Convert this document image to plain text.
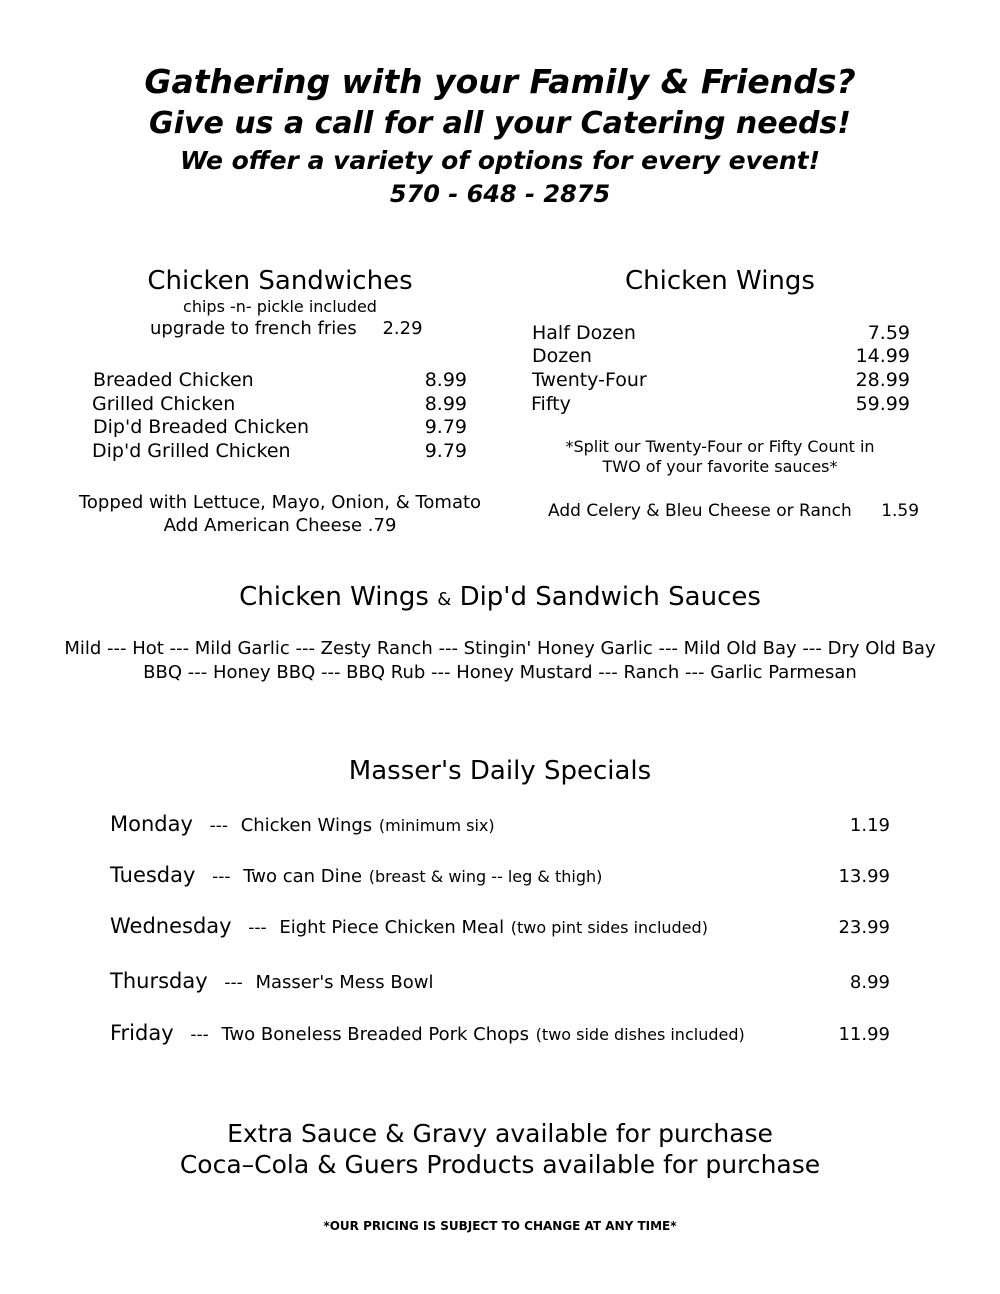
Gathering with your Family & Friends?
Give us a call for all your Catering needs!
We offer a variety of options for every event!
570 - 648 - 2875
Chicken Sandwiches
chips -n- pickle included
upgrade to french fries 2.29
Breaded Chicken	8.99
Grilled Chicken	8.99
Dip'd Breaded Chicken	9.79
Dip'd Grilled Chicken	9.79
Topped with Lettuce, Mayo, Onion, & Tomato
Add American Cheese .79
Chicken Wings
Half Dozen	7.59
Dozen	14.99
Twenty-Four	28.99
Fifty	59.99
*Split our Twenty-Four or Fifty Count in
TWO of your favorite sauces*
Add Celery & Bleu Cheese or Ranch 1.59
Chicken Wings & Dip'd Sandwich Sauces
Mild --- Hot --- Mild Garlic --- Zesty Ranch --- Stingin' Honey Garlic --- Mild Old Bay --- Dry Old Bay
BBQ --- Honey BBQ --- BBQ Rub --- Honey Mustard --- Ranch --- Garlic Parmesan
Masser's Daily Specials
Monday --- Chicken Wings (minimum six)	1.19
Tuesday --- Two can Dine (breast & wing -- leg & thigh)	13.99
Wednesday --- Eight Piece Chicken Meal (two pint sides included)	23.99
Thursday --- Masser's Mess Bowl	8.99
Friday --- Two Boneless Breaded Pork Chops (two side dishes included)	11.99
Extra Sauce & Gravy available for purchase
Coca–Cola & Guers Products available for purchase
*OUR PRICING IS SUBJECT TO CHANGE AT ANY TIME*
